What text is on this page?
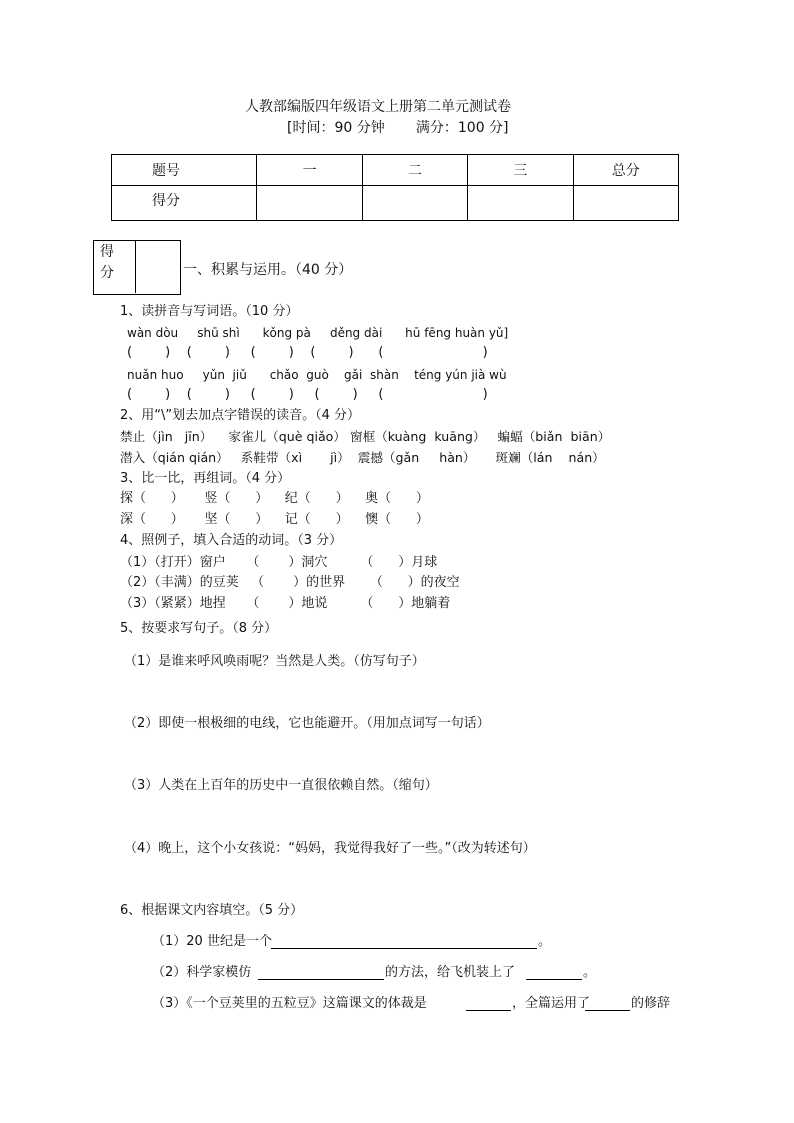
人教部编版四年级语文上册第二单元测试卷
[时间：90 分钟       满分：100 分]
题号	一	二	三	总分
得分				
得
分	一、积累与运用。（40 分）
1、读拼音与写词语。（10 分）
wàn dòu     shū shì      kǒng pà     děng dài      hū fēng huàn yǔ]
(        )    (        )     (        )    (        )      (                        )
nuǎn huo     yǔn  jiǔ      chǎo  guò    gǎi  shàn    téng yún jià wù
(        )    (        )     (        )     (        )     (                        )
2、用“\”划去加点字错误的读音。（4 分）
禁止（jìn   jīn）    家雀儿（què qiǎo） 窗框（kuàng  kuāng）   蝙蝠（biǎn  biān）
潜入（qián qián）   系鞋带（xì       jì）  震撼（gǎn     hàn）     斑斓（lán    nán）
3、比一比，再组词。（4 分）
探（      ）     竖（      ）    纪（      ）    奥（      ）
深（      ）     坚（      ）    记（      ）    懊（      ）
4、照例子，填入合适的动词。（3 分）
（1）（打开）窗户     （       ）洞穴        （      ）月球
（2）（丰满）的豆荚   （       ）的世界      （      ）的夜空
（3）（紧紧）地捏     （       ）地说        （      ）地躺着
5、按要求写句子。（8 分）
（1）是谁来呼风唤雨呢？当然是人类。（仿写句子）
（2）即使一根极细的电线，它也能避开。（用加点词写一句话）
（3）人类在上百年的历史中一直很依赖自然。（缩句）
（4）晚上，这个小女孩说：“妈妈，我觉得我好了一些。”（改为转述句）
6、根据课文内容填空。（5 分）
（1）20 世纪是一个	。
（2）科学家模仿	的方法，给飞机装上了	。
（3）《一个豆荚里的五粒豆》这篇课文的体裁是	，全篇运用了	的修辞
